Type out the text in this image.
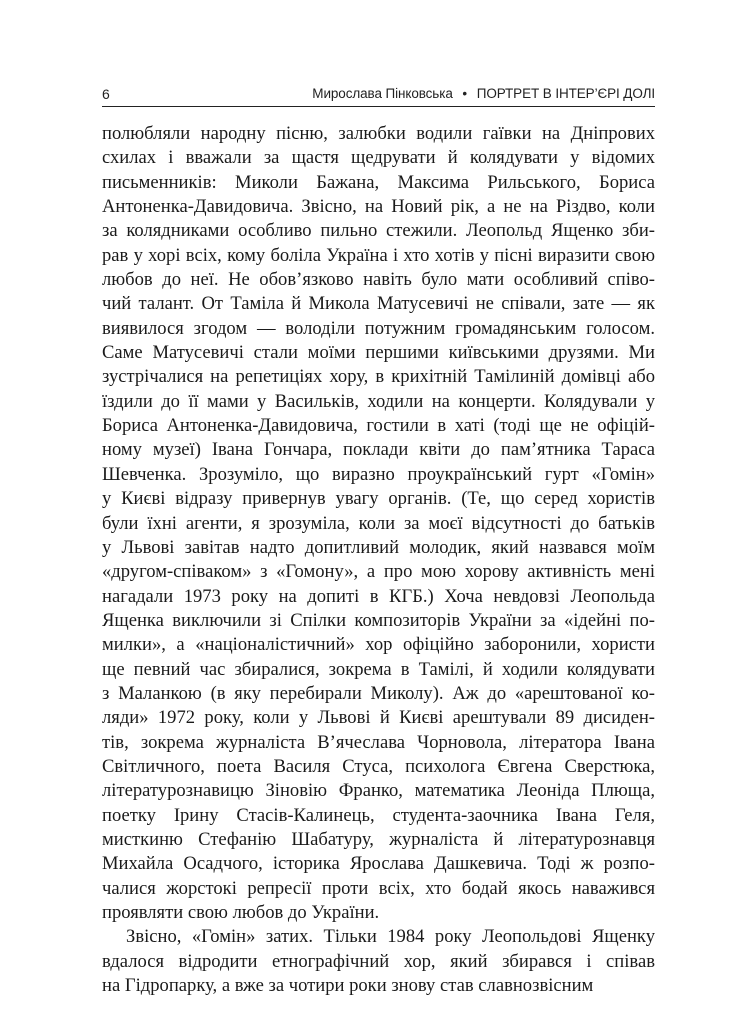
6	Мирослава Пінковська • ПОРТРЕТ В ІНТЕР’ЄРІ ДОЛІ
полюбляли народну пісню, залюбки водили гаївки на Дніпрових
схилах і вважали за щастя щедрувати й колядувати у відомих
письменників: Миколи Бажана, Максима Рильського, Бориса
Антоненка-Давидовича. Звісно, на Новий рік, а не на Різдво, коли
за колядниками особливо пильно стежили. Леопольд Ященко зби-
рав у хорі всіх, кому боліла Україна і хто хотів у пісні виразити свою
любов до неї. Не обов’язково навіть було мати особливий співо-
чий талант. От Таміла й Микола Матусевичі не співали, зате — як
виявилося згодом — володіли потужним громадянським голосом.
Саме Матусевичі стали моїми першими київськими друзями. Ми
зустрічалися на репетиціях хору, в крихітній Тамілиній домівці або
їздили до її мами у Васильків, ходили на концерти. Колядували у
Бориса Антоненка-Давидовича, гостили в хаті (тоді ще не офіцій-
ному музеї) Івана Гончара, поклади квіти до пам’ятника Тараса
Шевченка. Зрозуміло, що виразно проукраїнський гурт «Гомін»
у Києві відразу привернув увагу органів. (Те, що серед хористів
були їхні агенти, я зрозуміла, коли за моєї відсутності до батьків
у Львові завітав надто допитливий молодик, який назвався моїм
«другом-співаком» з «Гомону», а про мою хорову активність мені
нагадали 1973 року на допиті в КГБ.) Хоча невдовзі Леопольда
Ященка виключили зі Спілки композиторів України за «ідейні по-
милки», а «націоналістичний» хор офіційно заборонили, хористи
ще певний час збиралися, зокрема в Тамілі, й ходили колядувати
з Маланкою (в яку перебирали Миколу). Аж до «арештованої ко-
ляди» 1972 року, коли у Львові й Києві арештували 89 дисиден-
тів, зокрема журналіста В’ячеслава Чорновола, літератора Івана
Світличного, поета Василя Стуса, психолога Євгена Сверстюка,
літературознавицю Зіновію Франко, математика Леоніда Плюща,
поетку Ірину Стасів-Калинець, студента-заочника Івана Геля,
мисткиню Стефанію Шабатуру, журналіста й літературознавця
Михайла Осадчого, історика Ярослава Дашкевича. Тоді ж розпо-
чалися жорстокі репресії проти всіх, хто бодай якось наважився
проявляти свою любов до України.
Звісно, «Гомін» затих. Тільки 1984 року Леопольдові Ященку
вдалося відродити етнографічний хор, який збирався і співав
на Гідропарку, а вже за чотири роки знову став славнозвісним
